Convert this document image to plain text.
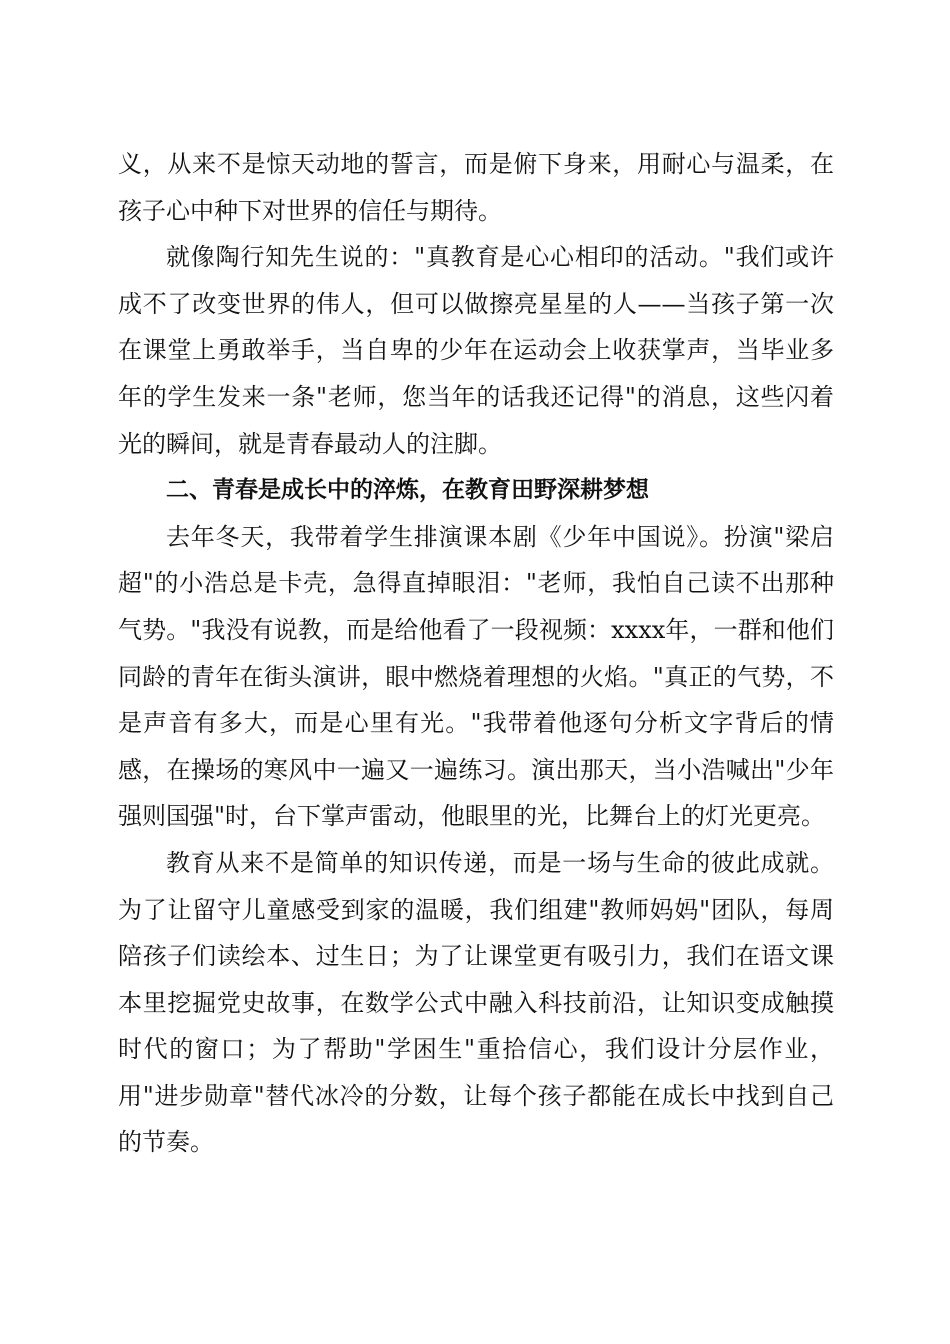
义，从来不是惊天动地的誓言，而是俯下身来，用耐心与温柔，在孩子心中种下对世界的信任与期待。

就像陶行知先生说的："真教育是心心相印的活动。"我们或许成不了改变世界的伟人，但可以做擦亮星星的人——当孩子第一次在课堂上勇敢举手，当自卑的少年在运动会上收获掌声，当毕业多年的学生发来一条"老师，您当年的话我还记得"的消息，这些闪着光的瞬间，就是青春最动人的注脚。

二、青春是成长中的淬炼，在教育田野深耕梦想

去年冬天，我带着学生排演课本剧《少年中国说》。扮演"梁启超"的小浩总是卡壳，急得直掉眼泪："老师，我怕自己读不出那种气势。"我没有说教，而是给他看了一段视频：xxxx年，一群和他们同龄的青年在街头演讲，眼中燃烧着理想的火焰。"真正的气势，不是声音有多大，而是心里有光。"我带着他逐句分析文字背后的情感，在操场的寒风中一遍又一遍练习。演出那天，当小浩喊出"少年强则国强"时，台下掌声雷动，他眼里的光，比舞台上的灯光更亮。

教育从来不是简单的知识传递，而是一场与生命的彼此成就。为了让留守儿童感受到家的温暖，我们组建"教师妈妈"团队，每周陪孩子们读绘本、过生日；为了让课堂更有吸引力，我们在语文课本里挖掘党史故事，在数学公式中融入科技前沿，让知识变成触摸时代的窗口；为了帮助"学困生"重拾信心，我们设计分层作业，用"进步勋章"替代冰冷的分数，让每个孩子都能在成长中找到自己的节奏。
